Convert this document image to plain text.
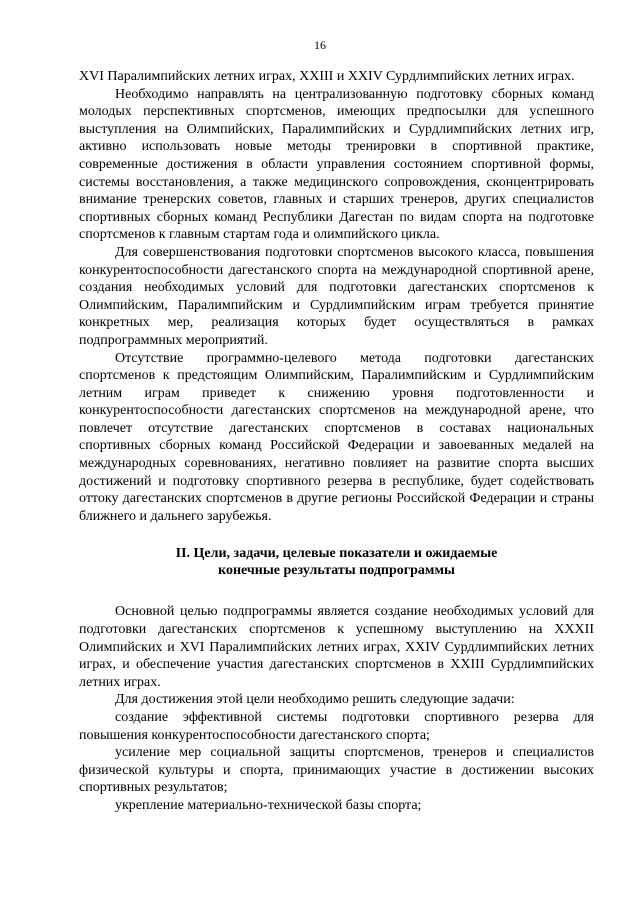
16

XVI Паралимпийских летних играх, XXIII и XXIV Сурдлимпийских летних играх.

Необходимо направлять на централизованную подготовку сборных команд молодых перспективных спортсменов, имеющих предпосылки для успешного выступления на Олимпийских, Паралимпийских и Сурдлимпийских летних игр, активно использовать новые методы тренировки в спортивной практике, современные достижения в области управления состоянием спортивной формы, системы восстановления, а также медицинского сопровождения, сконцентрировать внимание тренерских советов, главных и старших тренеров, других специалистов спортивных сборных команд Республики Дагестан по видам спорта на подготовке спортсменов к главным стартам года и олимпийского цикла.

Для совершенствования подготовки спортсменов высокого класса, повышения конкурентоспособности дагестанского спорта на международной спортивной арене, создания необходимых условий для подготовки дагестанских спортсменов к Олимпийским, Паралимпийским и Сурдлимпийским играм требуется принятие конкретных мер, реализация которых будет осуществляться в рамках подпрограммных мероприятий.

Отсутствие программно-целевого метода подготовки дагестанских спортсменов к предстоящим Олимпийским, Паралимпийским и Сурдлимпийским летним играм приведет к снижению уровня подготовленности и конкурентоспособности дагестанских спортсменов на международной арене, что повлечет отсутствие дагестанских спортсменов в составах национальных спортивных сборных команд Российской Федерации и завоеванных медалей на международных соревнованиях, негативно повлияет на развитие спорта высших достижений и подготовку спортивного резерва в республике, будет содействовать оттоку дагестанских спортсменов в другие регионы Российской Федерации и страны ближнего и дальнего зарубежья.

II. Цели, задачи, целевые показатели и ожидаемые
конечные результаты подпрограммы

Основной целью подпрограммы является создание необходимых условий для подготовки дагестанских спортсменов к успешному выступлению на XXXII Олимпийских и XVI Паралимпийских летних играх, XXIV Сурдлимпийских летних играх, и обеспечение участия дагестанских спортсменов в XXIII Сурдлимпийских летних играх.

Для достижения этой цели необходимо решить следующие задачи:

создание эффективной системы подготовки спортивного резерва для повышения конкурентоспособности дагестанского спорта;

усиление мер социальной защиты спортсменов, тренеров и специалистов физической культуры и спорта, принимающих участие в достижении высоких спортивных результатов;

укрепление материально-технической базы спорта;
